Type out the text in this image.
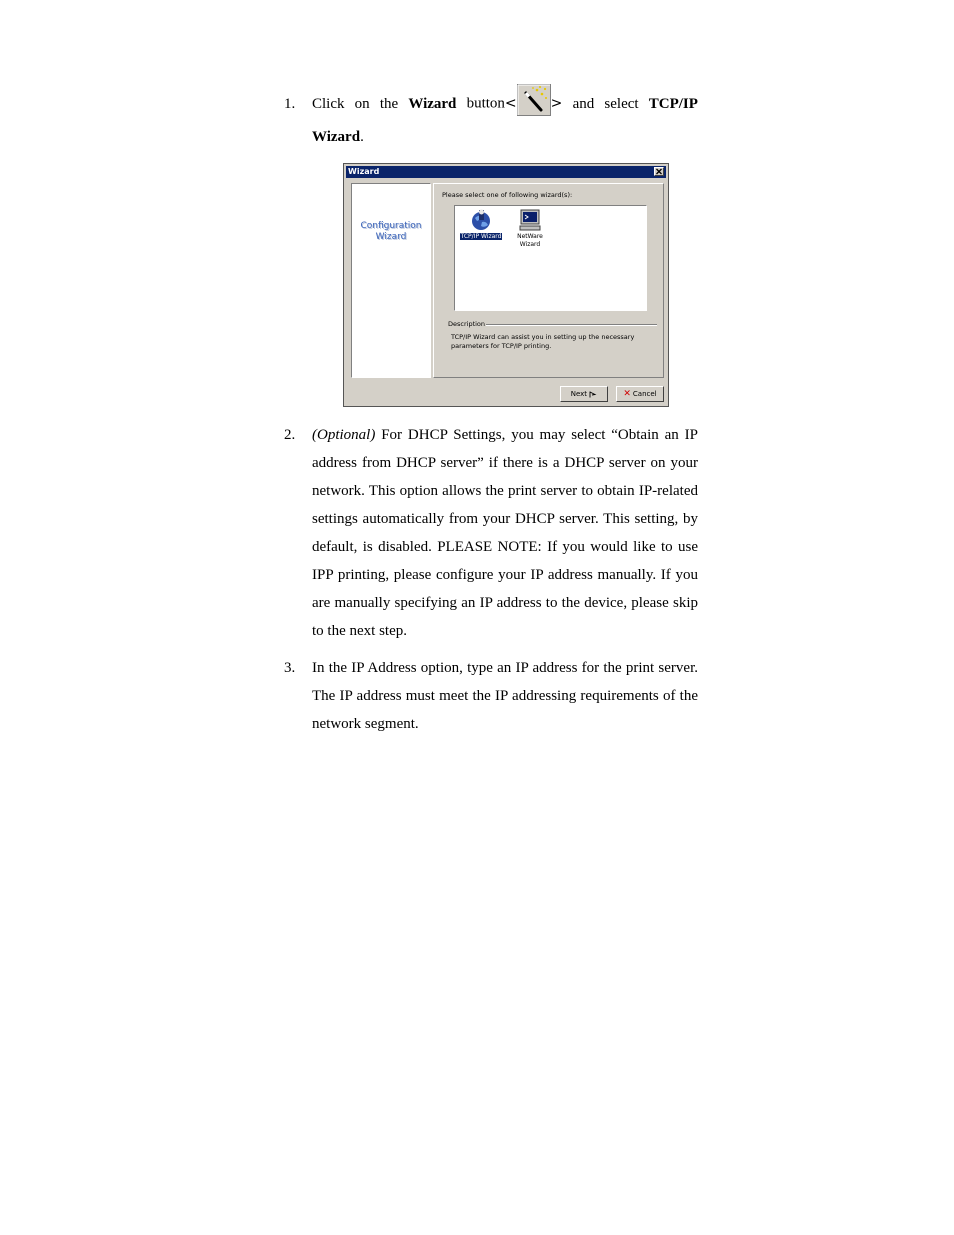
1. Click on the Wizard button< > and select TCP/IP
Wizard.
Wizard
Configuration
Wizard
Please select one of following wizard(s):
TCP/IP Wizard	NetWare
Wizard
Description
TCP/IP Wizard can assist you in setting up the necessary parameters for TCP/IP printing.
Next	✕ Cancel
2. (Optional) For DHCP Settings, you may select “Obtain an IP address from DHCP server” if there is a DHCP server on your network. This option allows the print server to obtain IP-related settings automatically from your DHCP server. This setting, by default, is disabled. PLEASE NOTE: If you would like to use IPP printing, please configure your IP address manually. If you are manually specifying an IP address to the device, please skip to the next step.
3. In the IP Address option, type an IP address for the print server. The IP address must meet the IP addressing requirements of the network segment.
